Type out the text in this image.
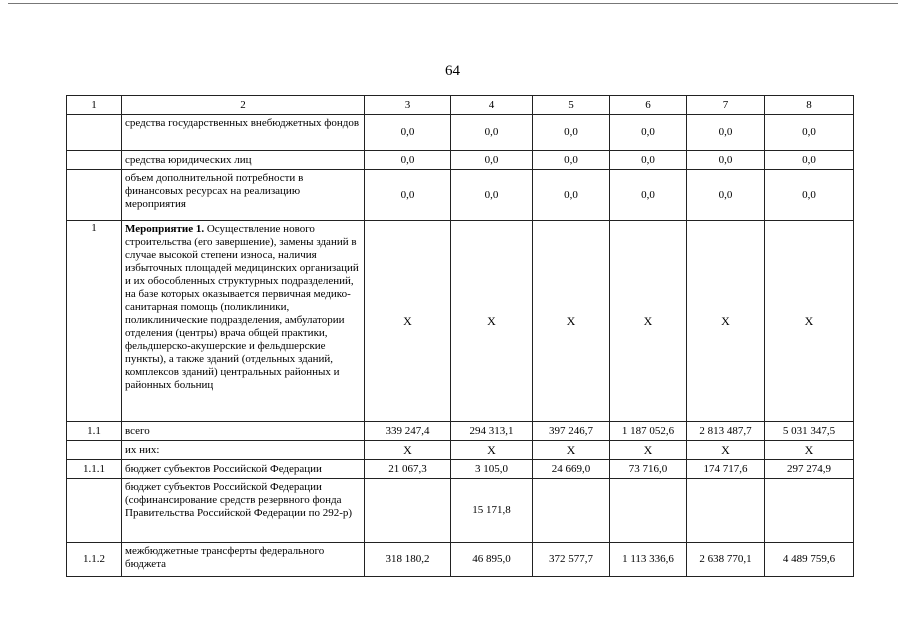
64
1	2	3	4	5	6	7	8
	средства государственных внебюджетных фондов	0,0	0,0	0,0	0,0	0,0	0,0
	средства юридических лиц	0,0	0,0	0,0	0,0	0,0	0,0
	объем дополнительной потребности в финансовых ресурсах на реализацию мероприятия	0,0	0,0	0,0	0,0	0,0	0,0
1	Мероприятие 1. Осуществление нового строительства (его завершение), замены зданий в случае высокой степени износа, наличия избыточных площадей медицинских организаций и их обособленных структурных подразделений, на базе которых оказывается первичная медико-санитарная помощь (поликлиники, поликлинические подразделения, амбулатории отделения (центры) врача общей практики, фельдшерско-акушерские и фельдшерские пункты), а также зданий (отдельных зданий, комплексов зданий) центральных районных и районных больниц	X	X	X	X	X	X
1.1	всего	339 247,4	294 313,1	397 246,7	1 187 052,6	2 813 487,7	5 031 347,5
	их них:	X	X	X	X	X	X
1.1.1	бюджет субъектов Российской Федерации	21 067,3	3 105,0	24 669,0	73 716,0	174 717,6	297 274,9
	бюджет субъектов Российской Федерации (софинансирование средств резервного фонда Правительства Российской Федерации по 292-р)		15 171,8				
1.1.2	межбюджетные трансферты федерального бюджета	318 180,2	46 895,0	372 577,7	1 113 336,6	2 638 770,1	4 489 759,6
